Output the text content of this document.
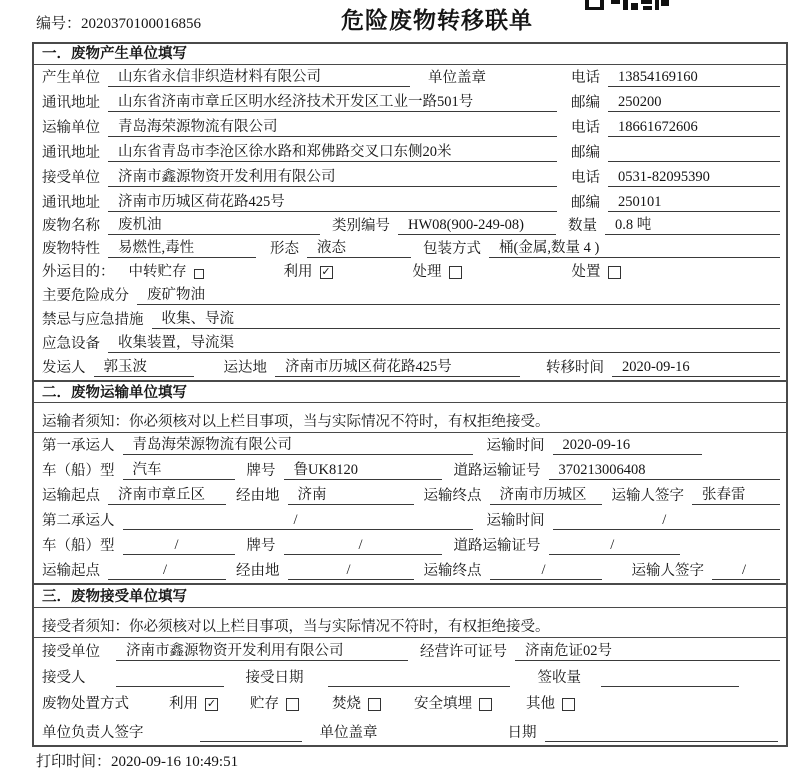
编号：2020370100016856	危险废物转移联单
一．废物产生单位填写
产生单位	山东省永信非织造材料有限公司	单位盖章	电话	13854169160
通讯地址	山东省济南市章丘区明水经济技术开发区工业一路501号	邮编	250200
运输单位	青岛海荣源物流有限公司	电话	18661672606
通讯地址	山东省青岛市李沧区徐水路和郑佛路交叉口东侧20米	邮编
接受单位	济南市鑫源物资开发利用有限公司	电话	0531-82095390
通讯地址	济南市历城区荷花路425号	邮编	250101
废物名称	废机油	类别编号	HW08(900-249-08)	数量	0.8 吨
废物特性	易燃性,毒性	形态	液态	包装方式	桶(金属,数量 4 )
外运目的： 中转贮存	利用 ✓	处理	处置
主要危险成分	废矿物油
禁忌与应急措施	收集、导流
应急设备	收集装置，导流渠
发运人	郭玉波	运达地	济南市历城区荷花路425号	转移时间	2020-09-16
二．废物运输单位填写
运输者须知：你必须核对以上栏目事项，当与实际情况不符时，有权拒绝接受。
第一承运人	青岛海荣源物流有限公司	运输时间	2020-09-16
车（船）型	汽车	牌号	鲁UK8120	道路运输证号	370213006408
运输起点	济南市章丘区	经由地	济南	运输终点	济南市历城区	运输人签字	张春雷
第二承运人	/	运输时间	/
车（船）型	/	牌号	/	道路运输证号	/
运输起点	/	经由地	/	运输终点	/	运输人签字	/
三．废物接受单位填写
接受者须知：你必须核对以上栏目事项，当与实际情况不符时，有权拒绝接受。
接受单位	济南市鑫源物资开发利用有限公司	经营许可证号	济南危证02号
接受人	接受日期	签收量
废物处置方式	利用 ✓ 贮存	焚烧	安全填埋	其他
单位负责人签字	单位盖章	日期
打印时间：2020-09-16 10:49:51
